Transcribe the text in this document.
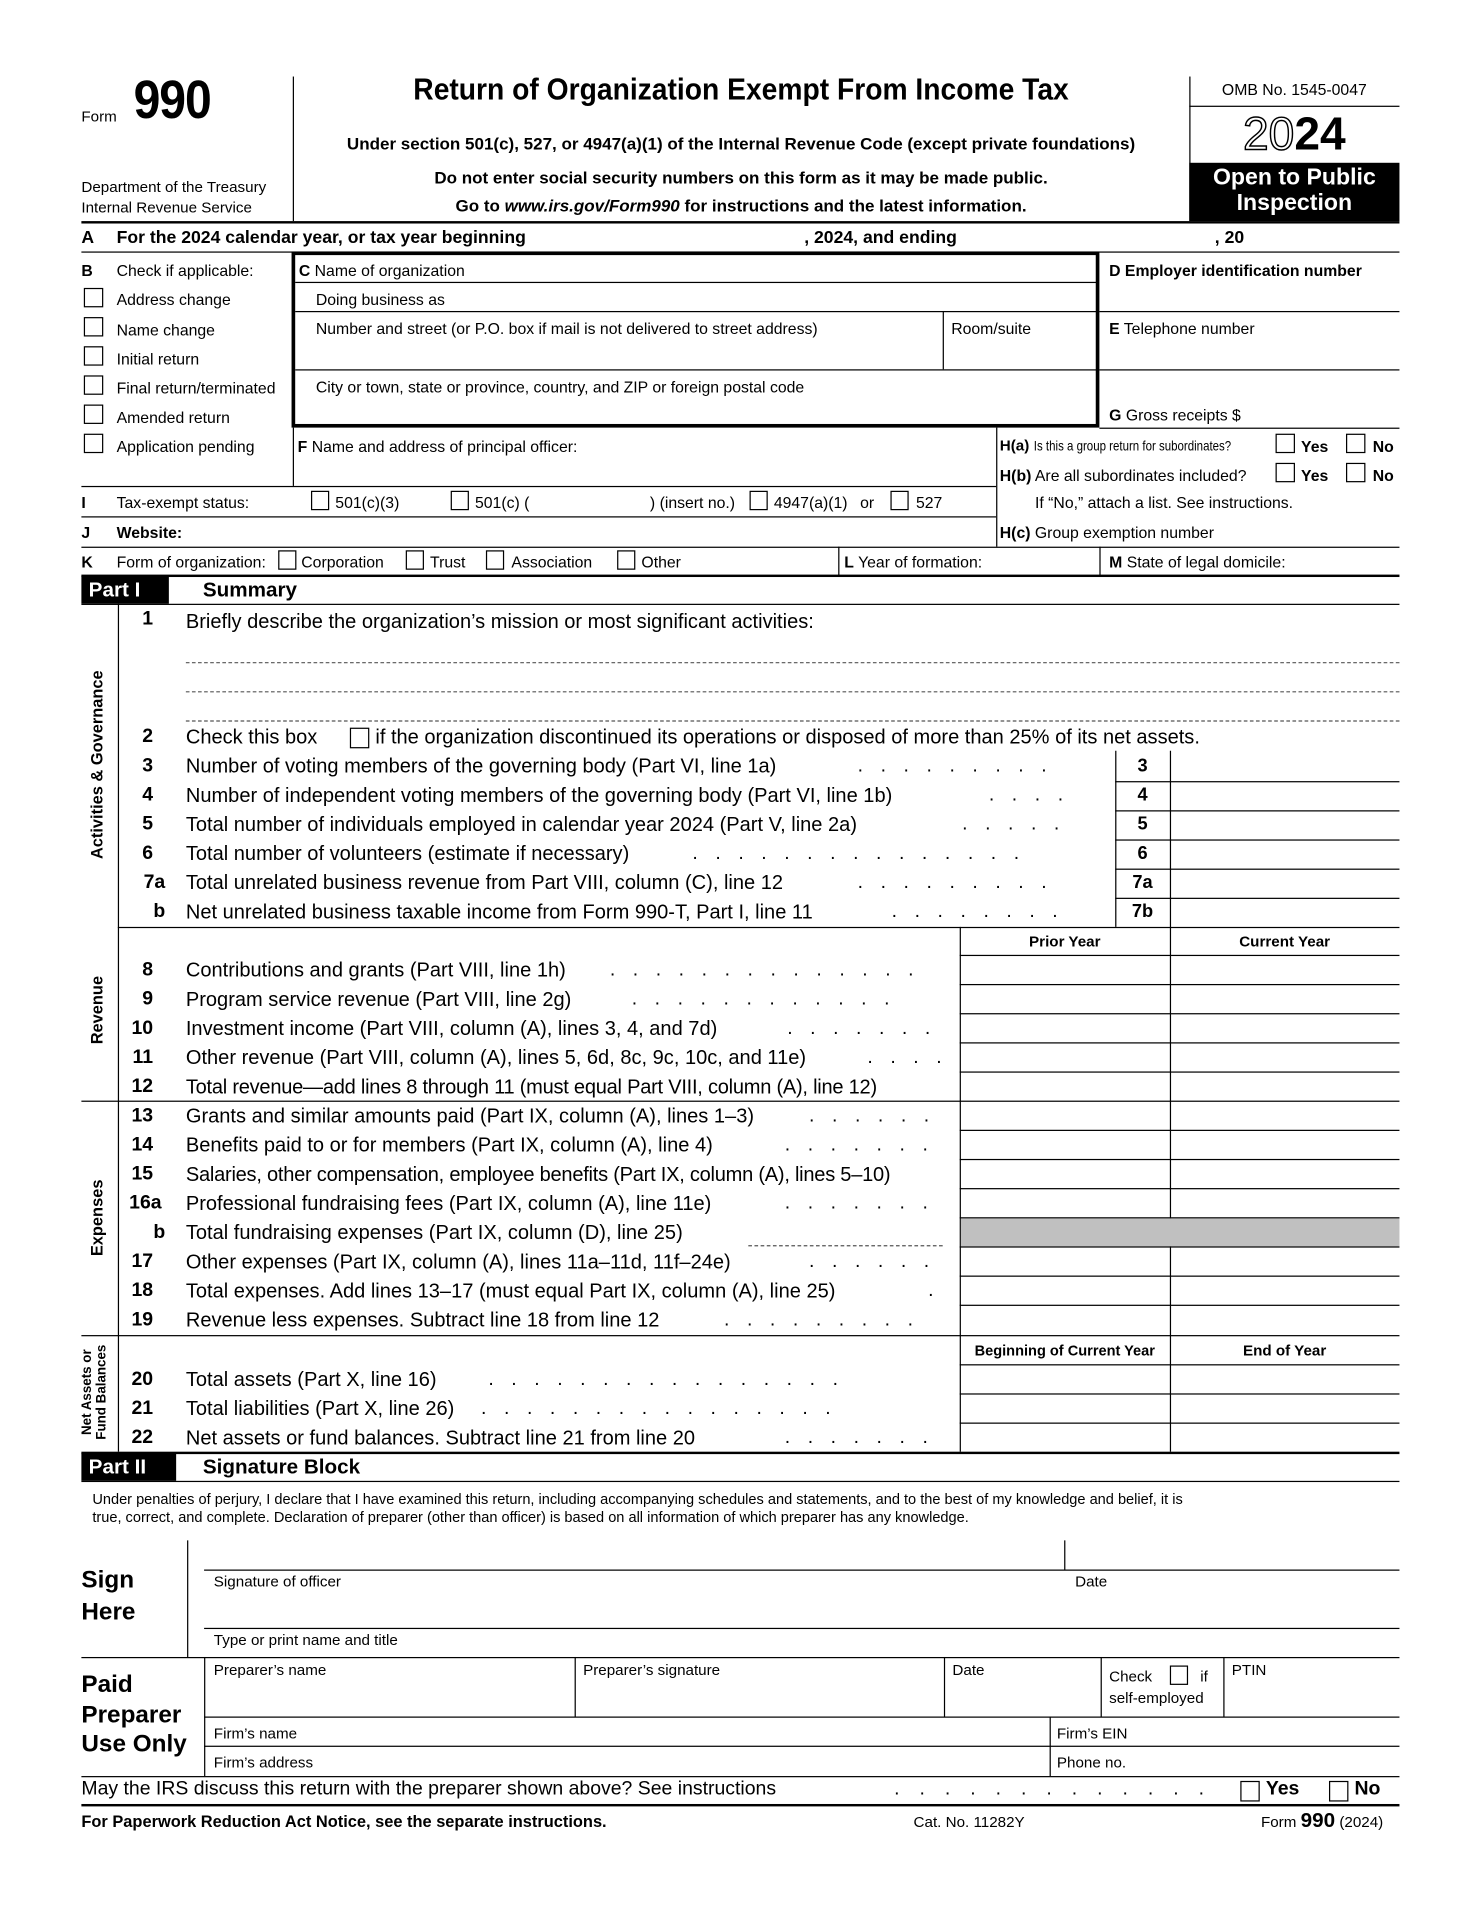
Form 990
Department of the Treasury
Internal Revenue Service
Return of Organization Exempt From Income Tax
Under section 501(c), 527, or 4947(a)(1) of the Internal Revenue Code (except private foundations)
Do not enter social security numbers on this form as it may be made public.
Go to www.irs.gov/Form990 for instructions and the latest information.
OMB No. 1545-0047
2024
Open to Public
Inspection
A For the 2024 calendar year, or tax year beginning	, 2024, and ending	, 20
B Check if applicable:
Address change
Name change
Initial return
Final return/terminated
Amended return
Application pending
C Name of organization
Doing business as
Number and street (or P.O. box if mail is not delivered to street address)	Room/suite
City or town, state or province, country, and ZIP or foreign postal code
D Employer identification number
E Telephone number
G Gross receipts $
F Name and address of principal officer:	H(a) Is this a group return for subordinates?	Yes	No
H(b) Are all subordinates included?	Yes	No
If “No,” attach a list. See instructions.
I Tax-exempt status:	501(c)(3)	501(c) (	) (insert no.)	4947(a)(1) or	527
J Website:	H(c) Group exemption number
K Form of organization:	Corporation	Trust	Association	Other	L Year of formation:	M State of legal domicile:
Part I	Summary
Activities & Governance
Revenue
Expenses
Net Assets or
Fund Balances
1 Briefly describe the organization’s mission or most significant activities:
2 Check this box	if the organization discontinued its operations or disposed of more than 25% of its net assets.
3 Number of voting members of the governing body (Part VI, line 1a)	. . . . . . . . .	3
4 Number of independent voting members of the governing body (Part VI, line 1b)	. . . .	4
5 Total number of individuals employed in calendar year 2024 (Part V, line 2a)	. . . . .	5
6 Total number of volunteers (estimate if necessary)	. . . . . . . . . . . . . . .	6
7a Total unrelated business revenue from Part VIII, column (C), line 12	. . . . . . . . .	7a
b Net unrelated business taxable income from Form 990-T, Part I, line 11	. . . . . . . .	7b
Prior Year	Current Year
8 Contributions and grants (Part VIII, line 1h)	. . . . . . . . . . . . . .
9 Program service revenue (Part VIII, line 2g)	. . . . . . . . . . . .
10 Investment income (Part VIII, column (A), lines 3, 4, and 7d)	. . . . . . .
11 Other revenue (Part VIII, column (A), lines 5, 6d, 8c, 9c, 10c, and 11e)	. . . .
12 Total revenue—add lines 8 through 11 (must equal Part VIII, column (A), line 12)
13 Grants and similar amounts paid (Part IX, column (A), lines 1–3)	. . . . . .
14 Benefits paid to or for members (Part IX, column (A), line 4)	. . . . . . .
15 Salaries, other compensation, employee benefits (Part IX, column (A), lines 5–10)
16a Professional fundraising fees (Part IX, column (A), line 11e)	. . . . . . .
b Total fundraising expenses (Part IX, column (D), line 25)
17 Other expenses (Part IX, column (A), lines 11a–11d, 11f–24e)	. . . . . .
18 Total expenses. Add lines 13–17 (must equal Part IX, column (A), line 25)	.
19 Revenue less expenses. Subtract line 18 from line 12	. . . . . . . . .
Beginning of Current Year	End of Year
20 Total assets (Part X, line 16)	. . . . . . . . . . . . . . . .
21 Total liabilities (Part X, line 26) . . . . . . . . . . . . . . . .
22 Net assets or fund balances. Subtract line 21 from line 20	. . . . . . .
Part II	Signature Block
Under penalties of perjury, I declare that I have examined this return, including accompanying schedules and statements, and to the best of my knowledge and belief, it is
true, correct, and complete. Declaration of preparer (other than officer) is based on all information of which preparer has any knowledge.
Sign
Here
Signature of officer	Date
Type or print name and title
Paid
Preparer
Use Only
Preparer’s name	Preparer’s signature	Date	Check	if
self-employed
PTIN
Firm’s name	Firm’s EIN
Firm’s address	Phone no.
May the IRS discuss this return with the preparer shown above? See instructions	. . . . . . . . . . . . .	Yes	No
For Paperwork Reduction Act Notice, see the separate instructions.	Cat. No. 11282Y	Form 990 (2024)
